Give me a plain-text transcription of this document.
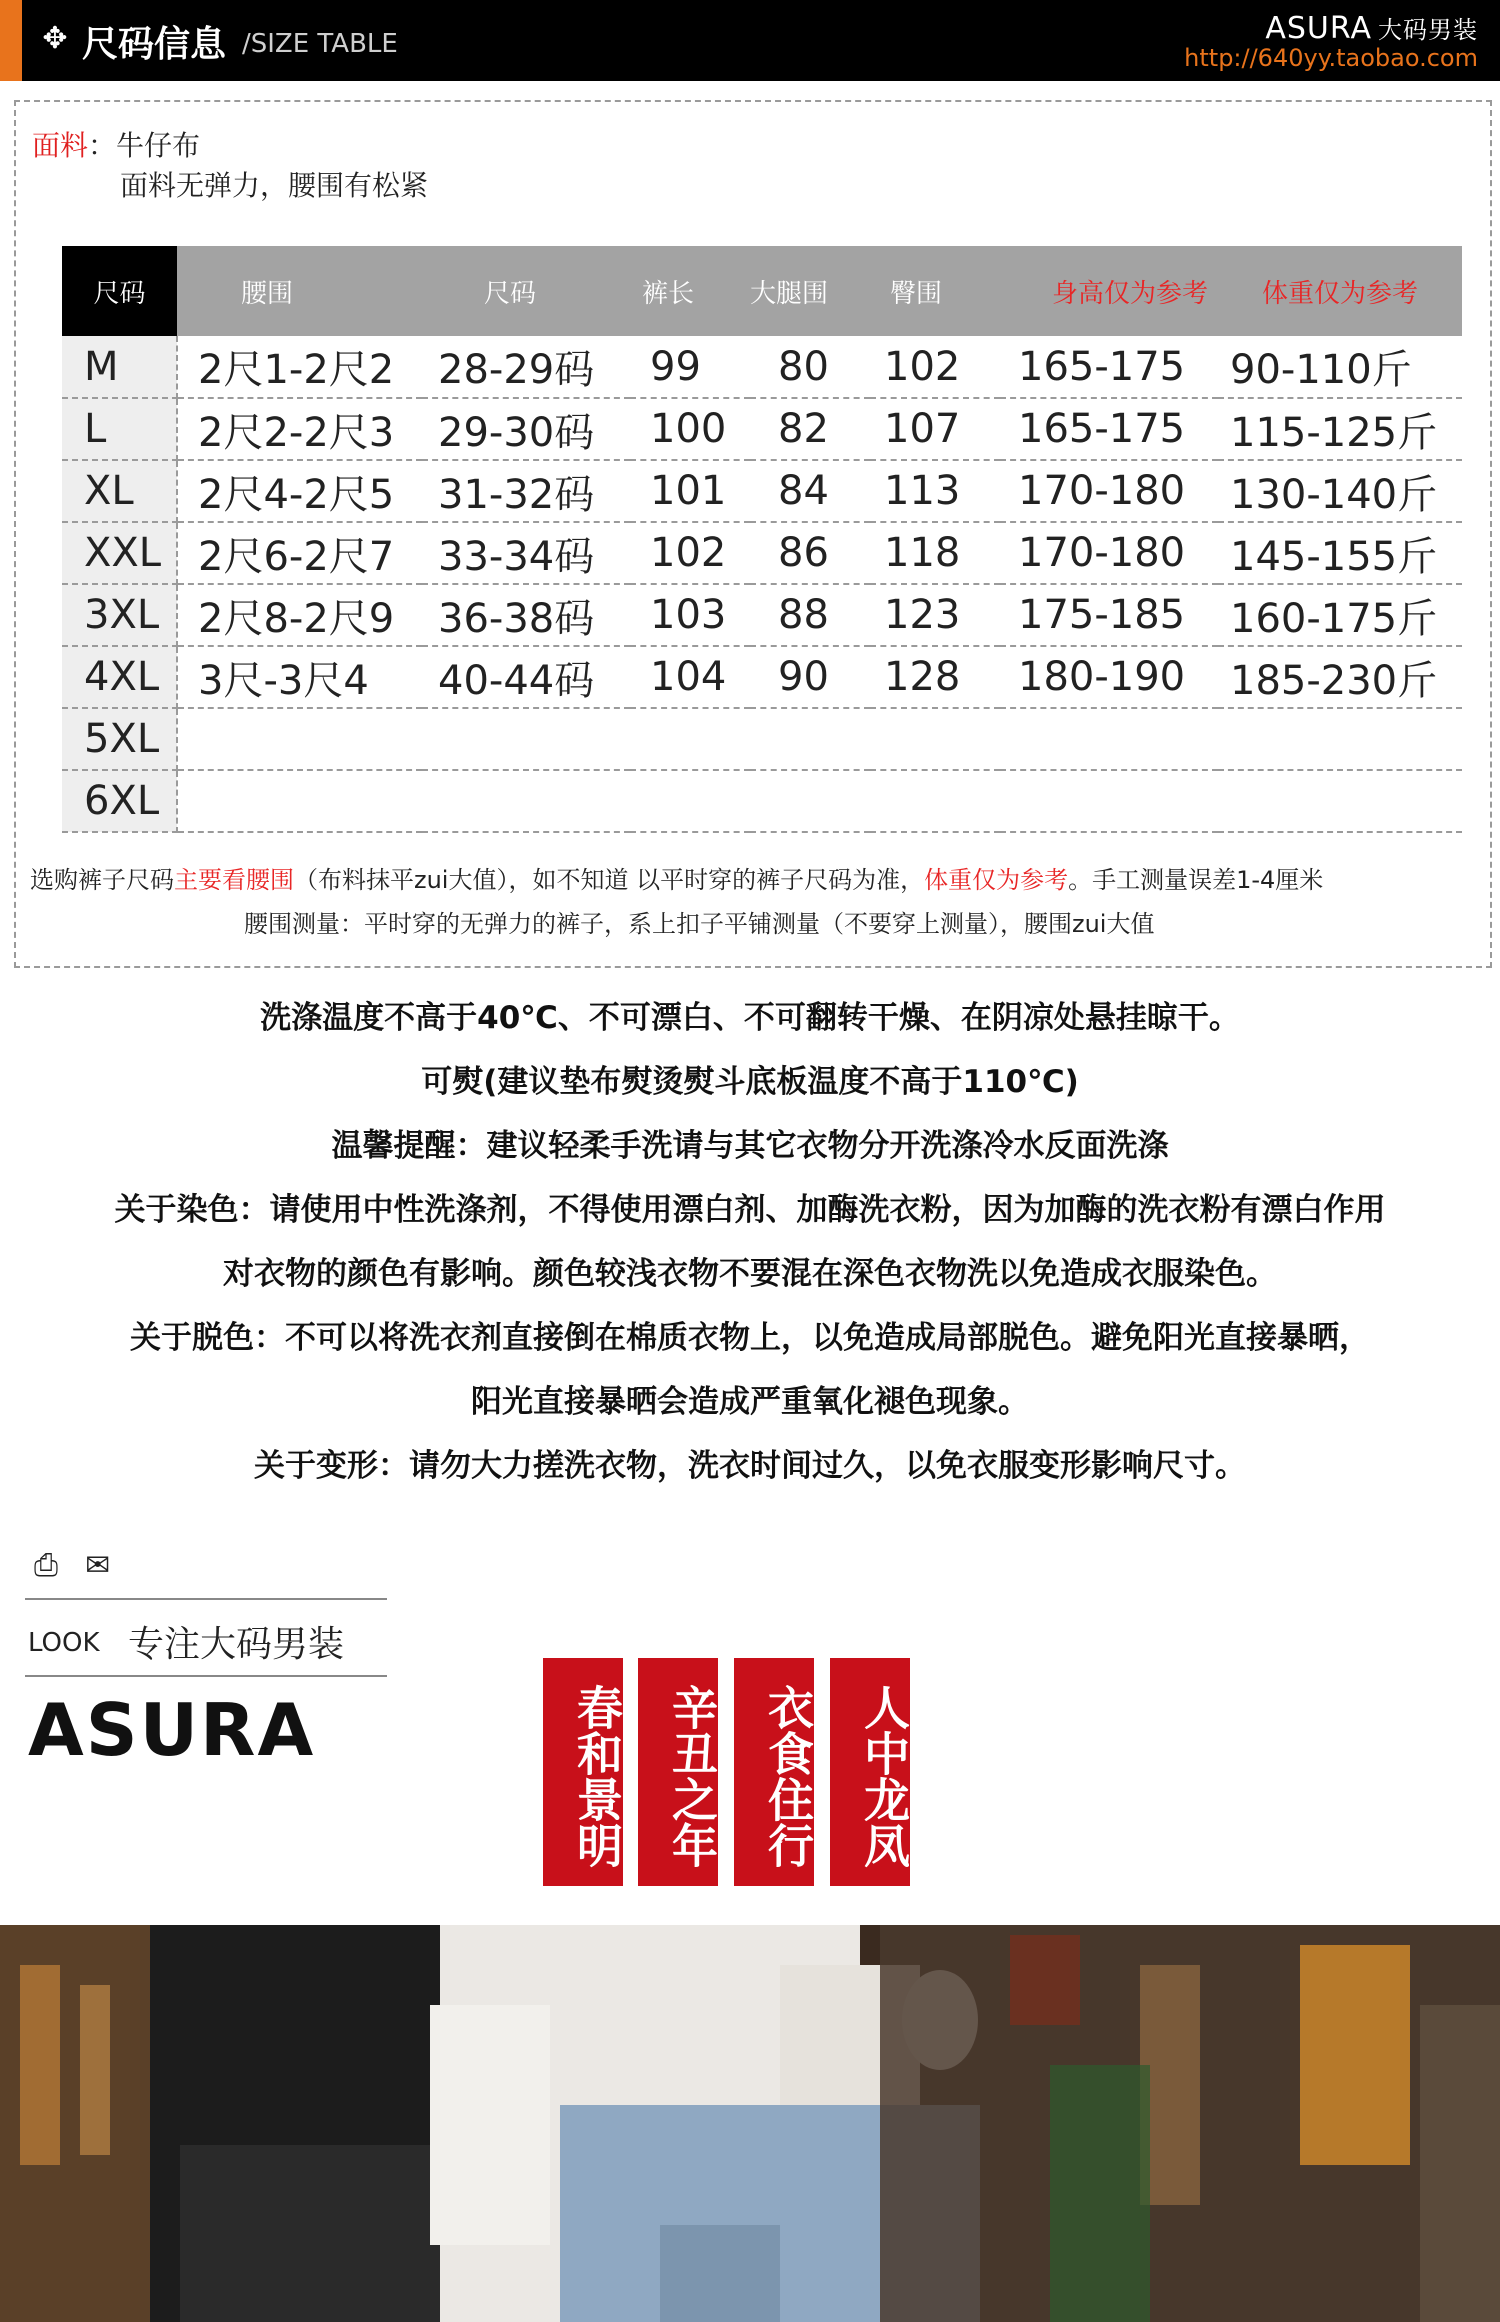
✥ 尺码信息 /SIZE TABLE	ASURA 大码男装
http://640yy.taobao.com
面料：牛仔布
面料无弹力，腰围有松紧
尺码	腰围	尺码	裤长	大腿围	臀围	身高仅为参考	体重仅为参考
M	2尺1-2尺2	28-29码	99	80	102	165-175	90-110斤
L	2尺2-2尺3	29-30码	100	82	107	165-175	115-125斤
XL	2尺4-2尺5	31-32码	101	84	113	170-180	130-140斤
XXL	2尺6-2尺7	33-34码	102	86	118	170-180	145-155斤
3XL	2尺8-2尺9	36-38码	103	88	123	175-185	160-175斤
4XL	3尺-3尺4	40-44码	104	90	128	180-190	185-230斤
5XL							
6XL							
选购裤子尺码主要看腰围（布料抹平zui大值），如不知道 以平时穿的裤子尺码为准，体重仅为参考。手工测量误差1-4厘米
腰围测量：平时穿的无弹力的裤子，系上扣子平铺测量（不要穿上测量），腰围zui大值
洗涤温度不高于40℃、不可漂白、不可翻转干燥、在阴凉处悬挂晾干。
可熨(建议垫布熨烫熨斗底板温度不高于110℃)
温馨提醒：建议轻柔手洗请与其它衣物分开洗涤冷水反面洗涤
关于染色：请使用中性洗涤剂，不得使用漂白剂、加酶洗衣粉，因为加酶的洗衣粉有漂白作用
对衣物的颜色有影响。颜色较浅衣物不要混在深色衣物洗以免造成衣服染色。
关于脱色：不可以将洗衣剂直接倒在棉质衣物上，以免造成局部脱色。避免阳光直接暴晒，
阳光直接暴晒会造成严重氧化褪色现象。
关于变形：请勿大力搓洗衣物，洗衣时间过久，以免衣服变形影响尺寸。
⎙ ✉
LOOK 专注大码男装
ASURA	春和景明 辛丑之年 衣食住行 人中龙凤
